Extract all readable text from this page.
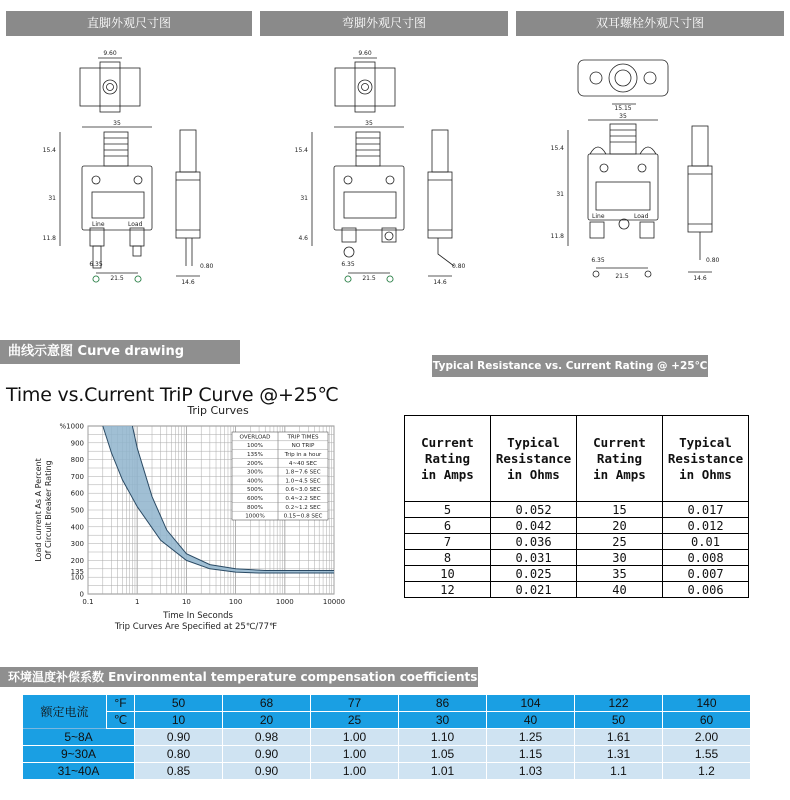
直脚外观尺寸图	弯脚外观尺寸图	双耳螺栓外观尺寸图
9.60
35
15.4
31
11.8
Line	Load
6.35
21.5
0.80
14.6
9.60
35
15.4
31
4.6
6.35
21.5
0.80
14.6
15.15
35
15.4
31
11.8
Line	Load
6.35
21.5
0.80
14.6
曲线示意图 Curve drawing
Typical Resistance vs. Current Rating @ +25℃
Time vs.Current TriP Curve @+25℃
Trip Curves
0
100
135
200
300
400
500
600
700
800
900
%1000
0.1	1	10	100	1000	10000
OVERLOAD	TRIP TIMES
100%	NO TRIP
135%	Trip in a hour
200%	4~40 SEC
300%	1.8~7.6 SEC
400%	1.0~4.5 SEC
500%	0.6~3.0 SEC
600%	0.4~2.2 SEC
800%	0.2~1.2 SEC
1000%	0.15~0.8 SEC
Time In Seconds
Trip Curves Are Specified at 25℃/77℉
Load current As A PercentOf Circuit Breaker Rating
Current
Rating
in Amps	Typical
Resistance
in Ohms	Current
Rating
in Amps	Typical
Resistance
in Ohms
5	0.052	15	0.017
6	0.042	20	0.012
7	0.036	25	0.01
8	0.031	30	0.008
10	0.025	35	0.007
12	0.021	40	0.006
环境温度补偿系数 Environmental temperature compensation coefficients
额定电流	°F	50	68	77	86	104	122	140
	℃	10	20	25	30	40	50	60
5~8A		0.90	0.98	1.00	1.10	1.25	1.61	2.00
9~30A		0.80	0.90	1.00	1.05	1.15	1.31	1.55
31~40A		0.85	0.90	1.00	1.01	1.03	1.1	1.2
